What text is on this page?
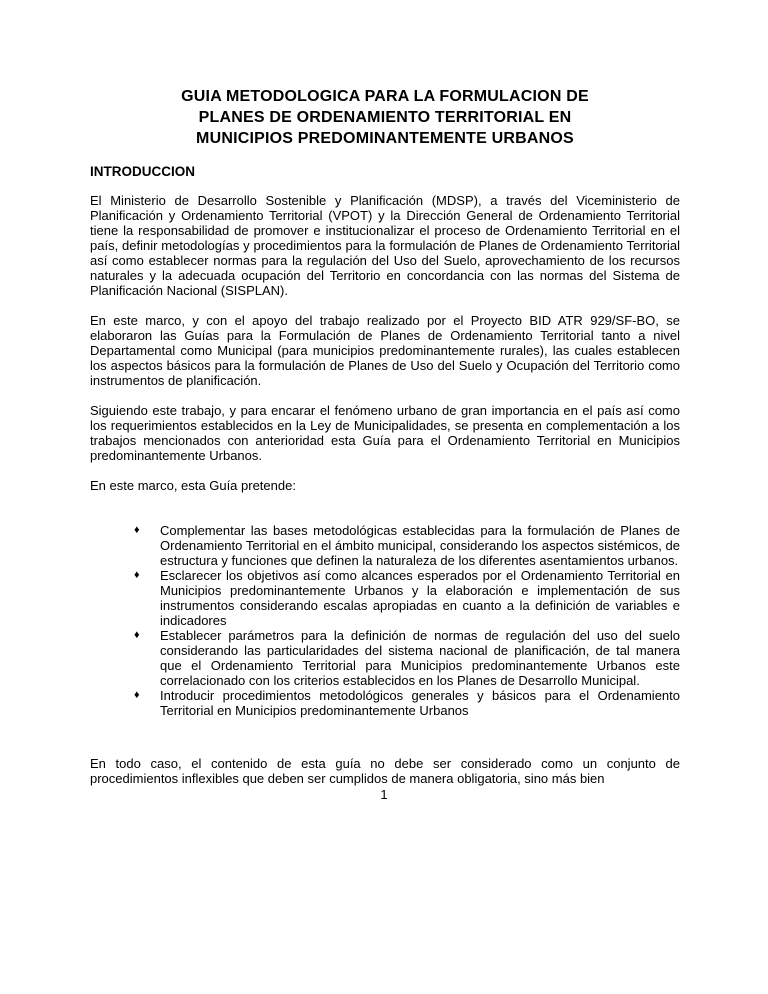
GUIA METODOLOGICA PARA LA FORMULACION DE
PLANES DE ORDENAMIENTO TERRITORIAL EN
MUNICIPIOS PREDOMINANTEMENTE URBANOS
INTRODUCCION

El Ministerio de Desarrollo Sostenible y Planificación (MDSP), a través del Viceministerio de Planificación y Ordenamiento Territorial (VPOT) y la Dirección General de Ordenamiento Territorial tiene la responsabilidad de promover e institucionalizar el proceso de Ordenamiento Territorial en el país, definir metodologías y procedimientos para la formulación de Planes de Ordenamiento Territorial así como establecer normas para la regulación del Uso del Suelo, aprovechamiento de los recursos naturales y la adecuada ocupación del Territorio en concordancia con las normas del Sistema de Planificación Nacional (SISPLAN).

En este marco, y con el apoyo del trabajo realizado por el Proyecto BID ATR 929/SF-BO, se elaboraron las Guías para la Formulación de Planes de Ordenamiento Territorial tanto a nivel Departamental como Municipal (para municipios predominantemente rurales), las cuales establecen los aspectos básicos para la formulación de Planes de Uso del Suelo y Ocupación del Territorio como instrumentos de planificación.

Siguiendo este trabajo, y para encarar el fenómeno urbano de gran importancia en el país así como los requerimientos establecidos en la Ley de Municipalidades, se presenta en complementación a los trabajos mencionados con anterioridad esta Guía para el Ordenamiento Territorial en Municipios predominantemente Urbanos.

En este marco, esta Guía pretende:

♦	Complementar las bases metodológicas establecidas para la formulación de Planes de Ordenamiento Territorial en el ámbito municipal, considerando los aspectos sistémicos, de estructura y funciones que definen la naturaleza de los diferentes asentamientos urbanos.
♦	Esclarecer los objetivos así como alcances esperados por el Ordenamiento Territorial en Municipios predominantemente Urbanos y la elaboración e implementación de sus instrumentos considerando escalas apropiadas en cuanto a la definición de variables e indicadores
♦	Establecer parámetros para la definición de normas de regulación del uso del suelo considerando las particularidades del sistema nacional de planificación, de tal manera que el Ordenamiento Territorial para Municipios predominantemente Urbanos este correlacionado con los criterios establecidos en los Planes de Desarrollo Municipal.
♦	Introducir procedimientos metodológicos generales y básicos para el Ordenamiento Territorial en Municipios predominantemente Urbanos

En todo caso, el contenido de esta guía no debe ser considerado como un conjunto de procedimientos inflexibles que deben ser cumplidos de manera obligatoria, sino más bien

1
